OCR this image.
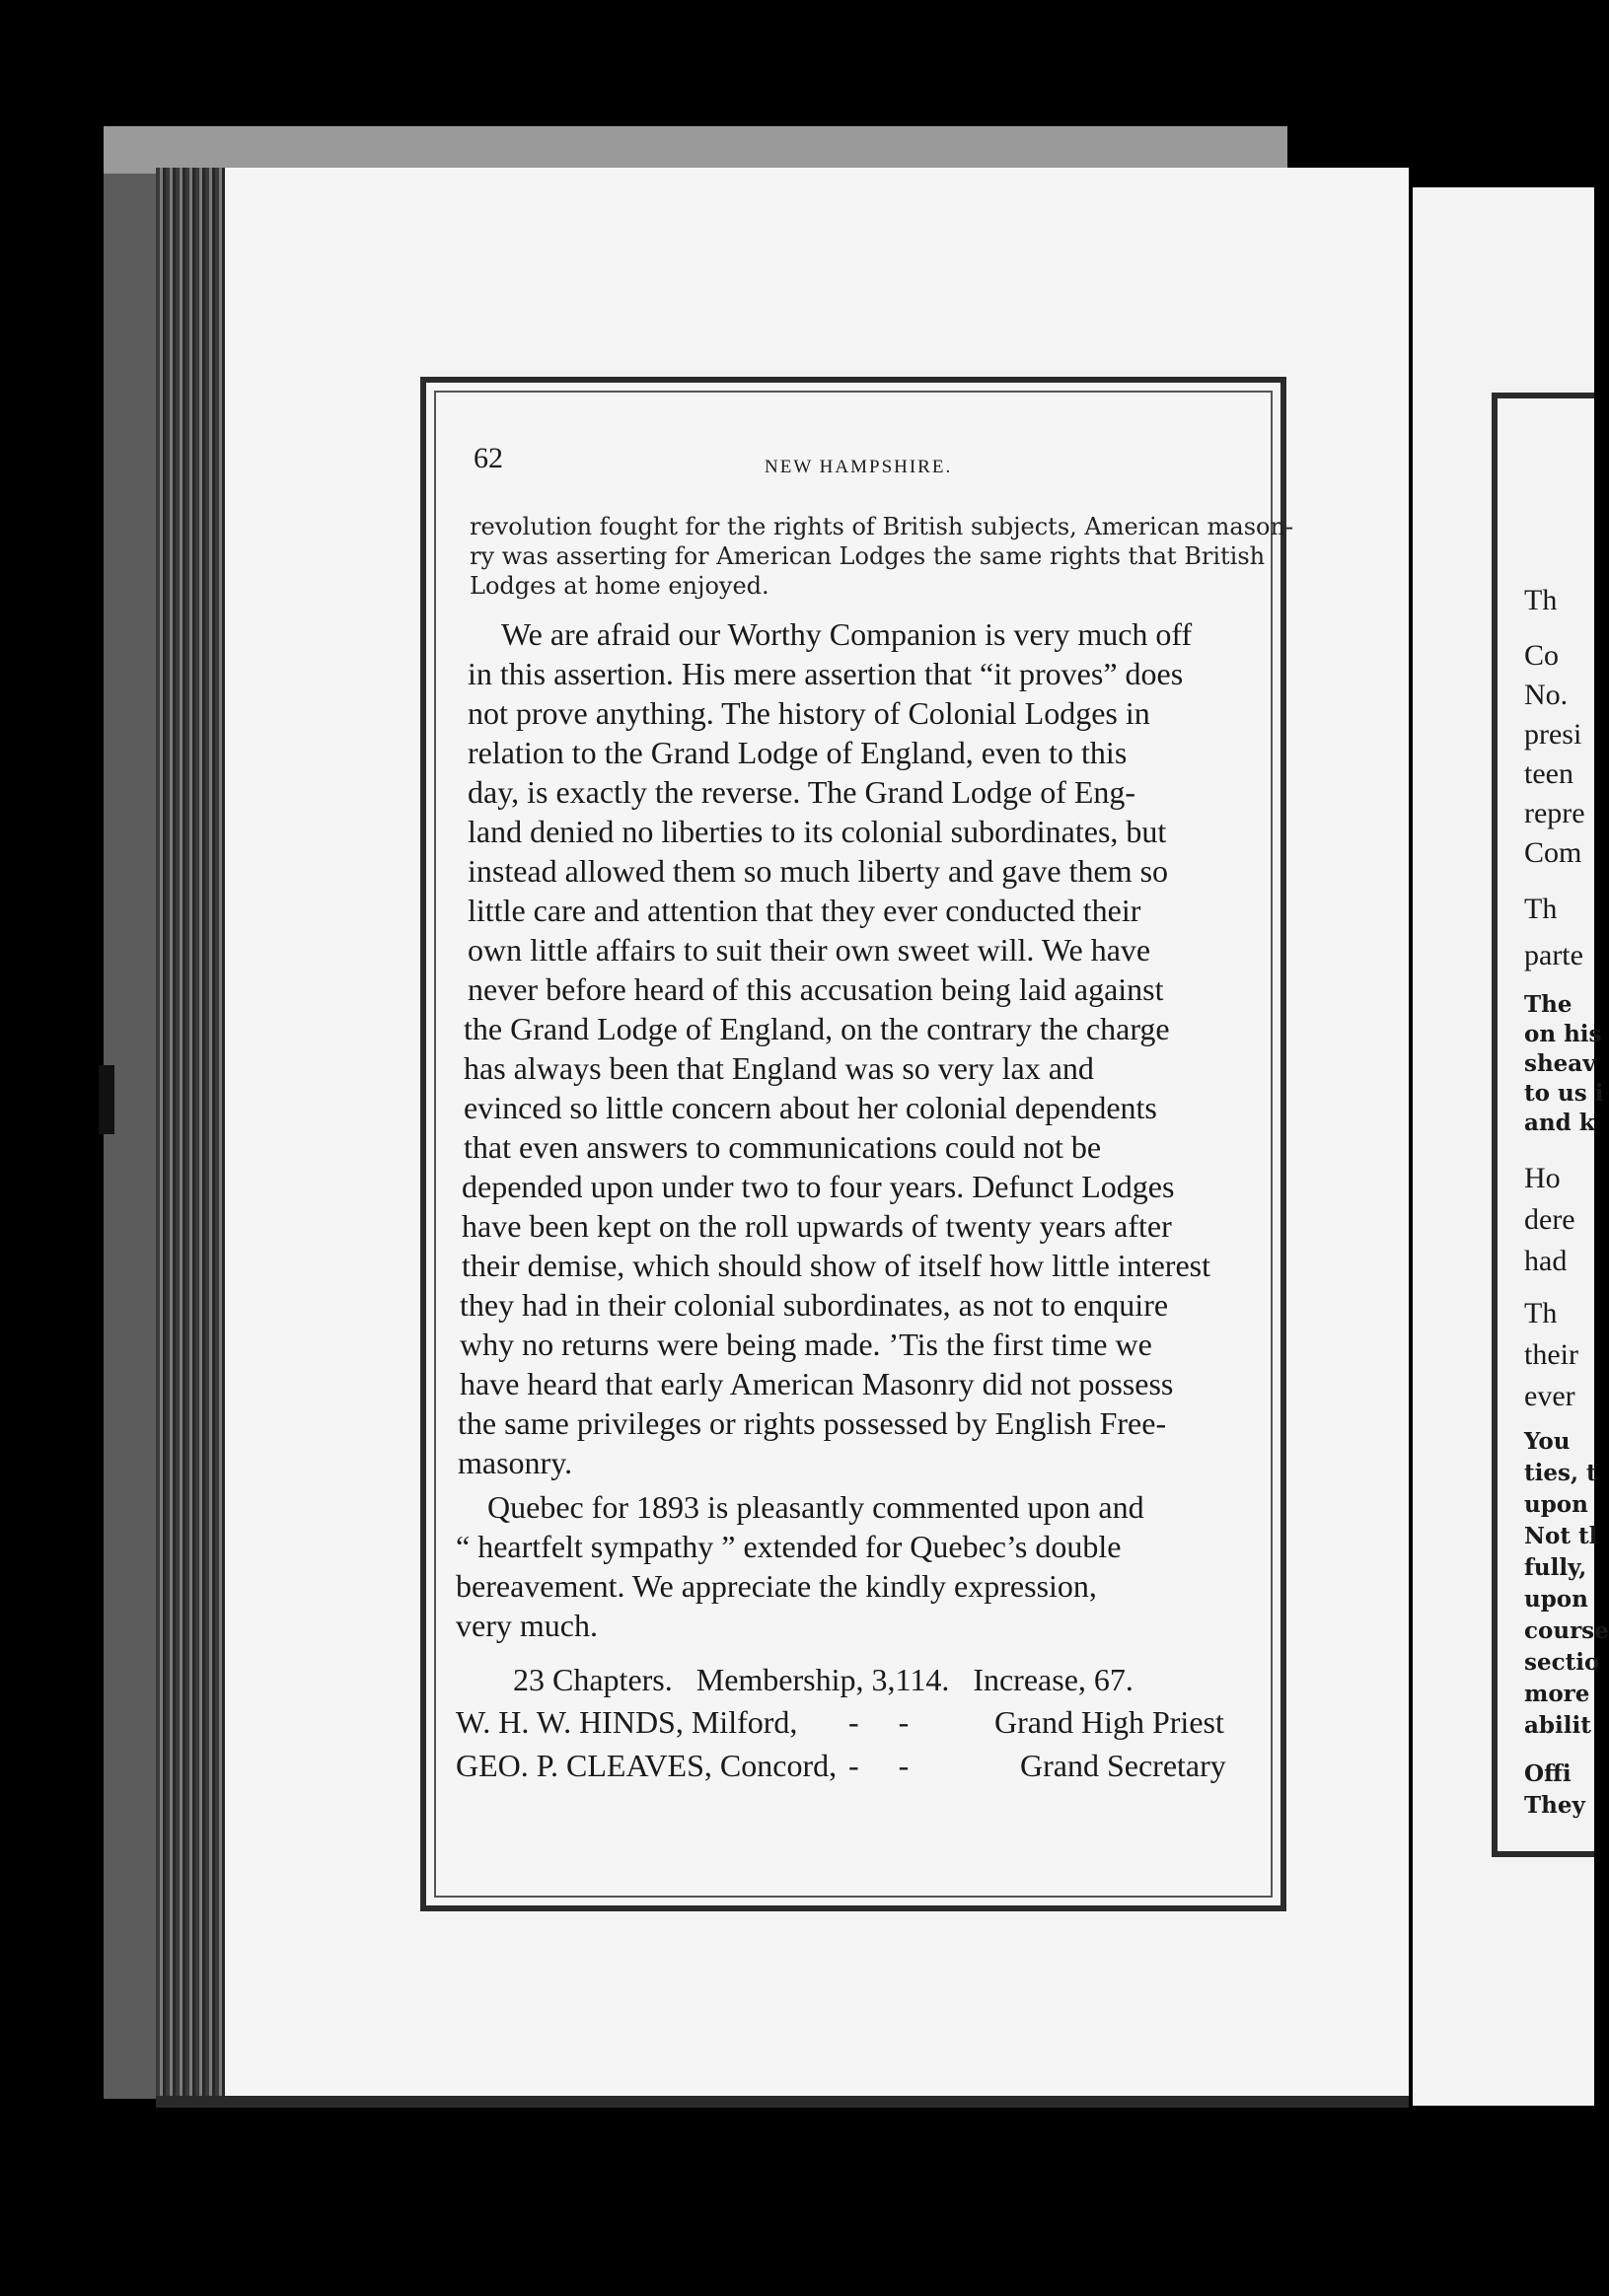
62	NEW HAMPSHIRE.
revolution fought for the rights of British subjects, American mason-
ry was asserting for American Lodges the same rights that British
Lodges at home enjoyed.
We are afraid our Worthy Companion is very much off
in this assertion. His mere assertion that “it proves” does
not prove anything. The history of Colonial Lodges in
relation to the Grand Lodge of England, even to this
day, is exactly the reverse. The Grand Lodge of Eng-
land denied no liberties to its colonial subordinates, but
instead allowed them so much liberty and gave them so
little care and attention that they ever conducted their
own little affairs to suit their own sweet will. We have
never before heard of this accusation being laid against
the Grand Lodge of England, on the contrary the charge
has always been that England was so very lax and
evinced so little concern about her colonial dependents
that even answers to communications could not be
depended upon under two to four years. Defunct Lodges
have been kept on the roll upwards of twenty years after
their demise, which should show of itself how little interest
they had in their colonial subordinates, as not to enquire
why no returns were being made. ’Tis the first time we
have heard that early American Masonry did not possess
the same privileges or rights possessed by English Free-
masonry.
Quebec for 1893 is pleasantly commented upon and
“ heartfelt sympathy ” extended for Quebec’s double
bereavement. We appreciate the kindly expression,
very much.
23 Chapters.   Membership, 3,114.   Increase, 67.
W. H. W. HINDS, Milford, -     -	Grand High Priest
GEO. P. CLEAVES, Concord, -     -	Grand Secretary
Th
Co
No.
presi
teen
repre
Com
Th
parte
The
on his
sheav
to us i
and k
Ho
dere
had
Th
their
ever
You
ties, t
upon
Not tl
fully,
upon
course
sectio
more
abilit
Offi
They
